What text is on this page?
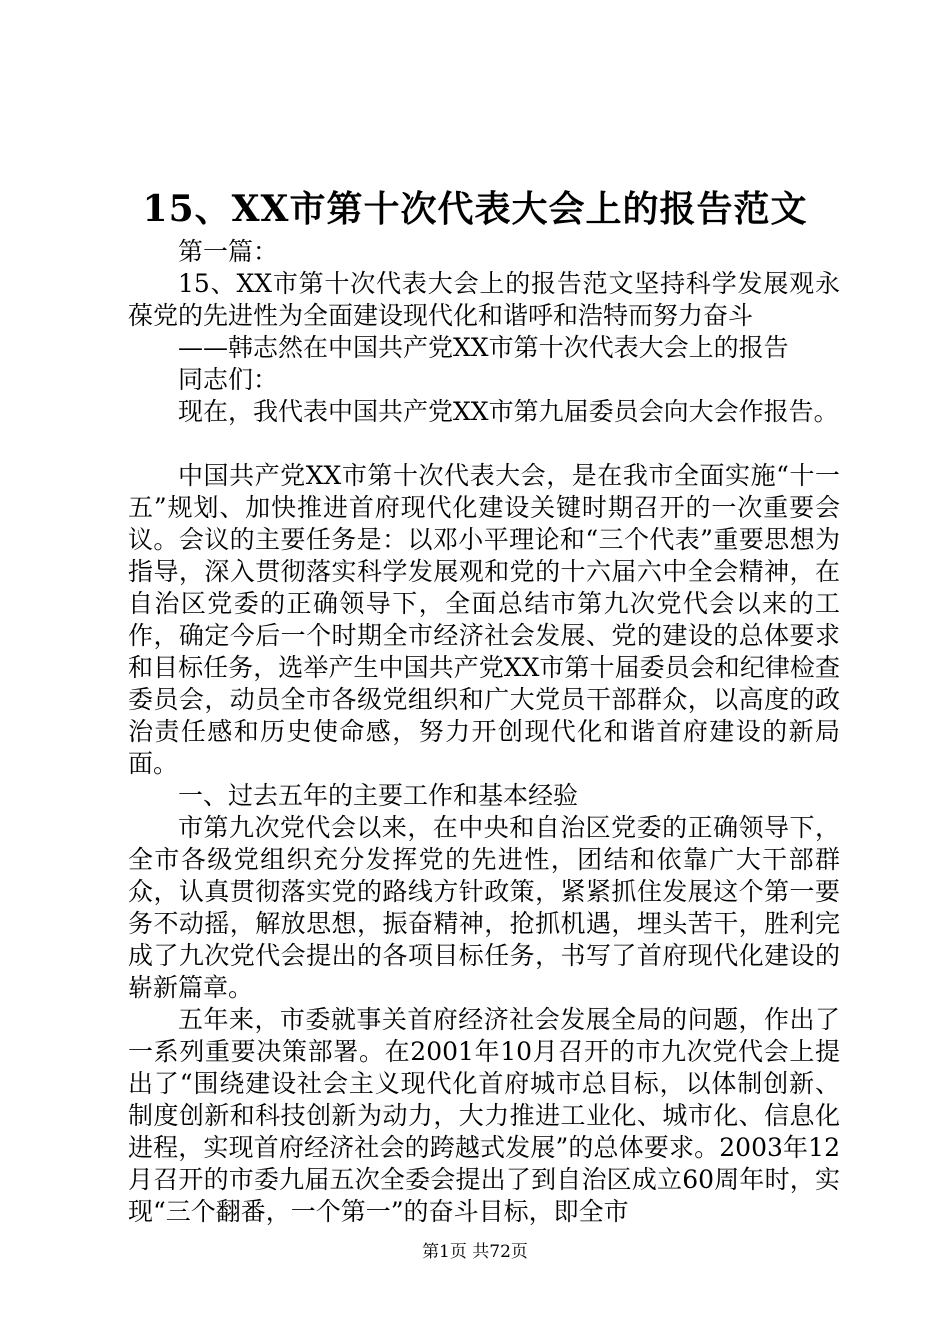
15、XX市第十次代表大会上的报告范文

第一篇：

15、XX市第十次代表大会上的报告范文坚持科学发展观永葆党的先进性为全面建设现代化和谐呼和浩特而努力奋斗

——韩志然在中国共产党XX市第十次代表大会上的报告

同志们：

现在，我代表中国共产党XX市第九届委员会向大会作报告。

中国共产党XX市第十次代表大会，是在我市全面实施“十一五”规划、加快推进首府现代化建设关键时期召开的一次重要会议。会议的主要任务是：以邓小平理论和“三个代表”重要思想为指导，深入贯彻落实科学发展观和党的十六届六中全会精神，在自治区党委的正确领导下，全面总结市第九次党代会以来的工作，确定今后一个时期全市经济社会发展、党的建设的总体要求和目标任务，选举产生中国共产党XX市第十届委员会和纪律检查委员会，动员全市各级党组织和广大党员干部群众，以高度的政治责任感和历史使命感，努力开创现代化和谐首府建设的新局面。

一、过去五年的主要工作和基本经验

市第九次党代会以来，在中央和自治区党委的正确领导下，全市各级党组织充分发挥党的先进性，团结和依靠广大干部群众，认真贯彻落实党的路线方针政策，紧紧抓住发展这个第一要务不动摇，解放思想，振奋精神，抢抓机遇，埋头苦干，胜利完成了九次党代会提出的各项目标任务，书写了首府现代化建设的崭新篇章。

五年来，市委就事关首府经济社会发展全局的问题，作出了一系列重要决策部署。在2001年10月召开的市九次党代会上提出了“围绕建设社会主义现代化首府城市总目标，以体制创新、制度创新和科技创新为动力，大力推进工业化、城市化、信息化进程，实现首府经济社会的跨越式发展”的总体要求。2003年12月召开的市委九届五次全委会提出了到自治区成立60周年时，实现“三个翻番，一个第一”的奋斗目标，即全市

第1页 共72页
